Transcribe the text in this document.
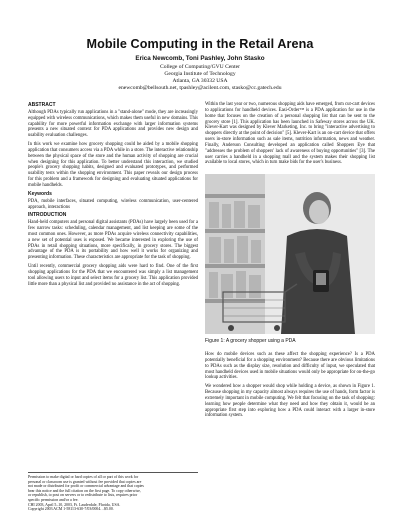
Mobile Computing in the Retail Arena
Erica Newcomb, Toni Pashley, John Stasko
College of Computing/GVU Center
Georgia Institute of Technology
Atlanta, GA 30332 USA
enewcomb@bellsouth.net, tpashley@acilent.com, stasko@cc.gatech.edu
ABSTRACT

Although PDAs typically run applications in a "stand-alone" mode, they are increasingly equipped with wireless communications, which makes them useful in new domains. This capability for more powerful information exchange with larger information systems presents a new situated context for PDA applications and provides new design and usability evaluation challenges.

In this work we examine how grocery shopping could be aided by a mobile shopping application that consumers access via a PDA while in a store. The interactive relationship between the physical space of the store and the human activity of shopping are crucial when designing for this application. To better understand this interaction, we studied people's grocery shopping habits, designed and evaluated prototypes, and performed usability tests within the shopping environment. This paper reveals our design process for this problem and a framework for designing and evaluating situated applications for mobile handhelds.

Keywords

PDA, mobile interfaces, situated computing, wireless communication, user-centered approach, interactions

INTRODUCTION

Hand-held computers and personal digital assistants (PDAs) have largely been used for a few narrow tasks: scheduling, calendar management, and list keeping are some of the most common ones. However, as more PDAs acquire wireless connectivity capabilities, a new set of potential uses is exposed. We became interested in exploring the use of PDAs in retail shopping situations, more specifically, in grocery stores. The biggest advantage of the PDA is its portability and how well it works for organizing and presenting information. These characteristics are appropriate for the task of shopping.

Until recently, commercial grocery shopping aids were hard to find. One of the first shopping applications for the PDA that we encountered was simply a list management tool allowing users to input and select items for a grocery list. This application provided little more than a physical list and provided no assistance in the act of shopping.

Permission to make digital or hard copies of all or part of this work for
personal or classroom use is granted without fee provided that copies are
not made or distributed for profit or commercial advantage and that copies
bear this notice and the full citation on the first page. To copy otherwise,
or republish, to post on servers or to redistribute to lists, requires prior
specific permission and/or a fee.
CHI 2003, April 5–10, 2003, Ft. Lauderdale, Florida, USA.
Copyright 2003 ACM 1-58113-630-7/03/0004…$5.00.

Within the last year or two, numerous shopping aids have emerged, from cut-cart devices to applications for handheld devices. Easi-Order™ is a PDA application for use in the home that focuses on the creation of a personal shopping list that can be sent to the grocery store [1]. This application has been launched in Safeway stores across the UK. Klever-Kart was designed by Klever Marketing, Inc. to bring "interactive advertising to shoppers directly at the point of decision" [5]. Klever-Kart is an on-cart device that offers users in-store information such as sale items, nutrition information, news and weather. Finally, Anderson Consulting developed an application called Shoppers Eye that "addresses the problem of shoppers' lack of awareness of buying opportunities" [3]. The user carries a handheld in a shopping mall and the system makes their shopping list available to local stores, which in turn make bids for the user's business.

Figure 1: A grocery shopper using a PDA

How do mobile devices such as these affect the shopping experience? Is a PDA potentially beneficial for a shopping environment? Because there are obvious limitations to PDAs such as the display size, resolution and difficulty of input, we speculated that most handheld devices used in mobile situations would only be appropriate for on-the-go lookup activities.

We wondered how a shopper would shop while holding a device, as shown in Figure 1. Because shopping in my capacity almost always requires the use of hands, form factor is extremely important in mobile computing. We felt that focusing on the task of shopping: learning how people determine what they need and how they obtain it, would be an appropriate first step into exploring how a PDA could interact with a larger in-store information system.
